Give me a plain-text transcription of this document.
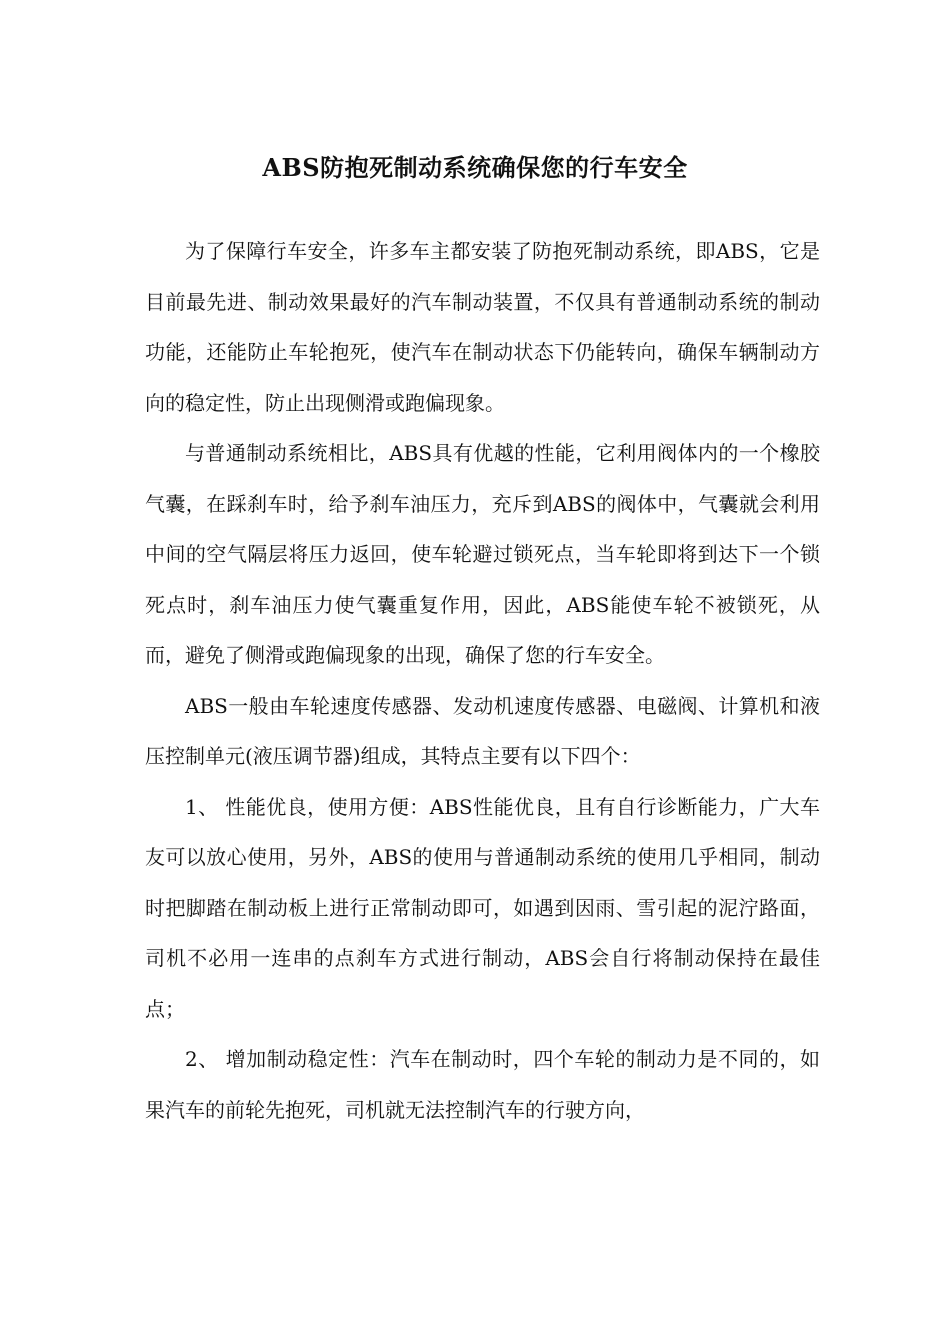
ABS防抱死制动系统确保您的行车安全

为了保障行车安全，许多车主都安装了防抱死制动系统，即ABS，它是目前最先进、制动效果最好的汽车制动装置，不仅具有普通制动系统的制动功能，还能防止车轮抱死，使汽车在制动状态下仍能转向，确保车辆制动方向的稳定性，防止出现侧滑或跑偏现象。

与普通制动系统相比，ABS具有优越的性能，它利用阀体内的一个橡胶气囊，在踩刹车时，给予刹车油压力，充斥到ABS的阀体中，气囊就会利用中间的空气隔层将压力返回，使车轮避过锁死点，当车轮即将到达下一个锁死点时，刹车油压力使气囊重复作用，因此，ABS能使车轮不被锁死，从而，避免了侧滑或跑偏现象的出现，确保了您的行车安全。

ABS一般由车轮速度传感器、发动机速度传感器、电磁阀、计算机和液压控制单元(液压调节器)组成，其特点主要有以下四个：

1、 性能优良，使用方便：ABS性能优良，且有自行诊断能力，广大车友可以放心使用，另外，ABS的使用与普通制动系统的使用几乎相同，制动时把脚踏在制动板上进行正常制动即可，如遇到因雨、雪引起的泥泞路面，司机不必用一连串的点刹车方式进行制动，ABS会自行将制动保持在最佳点；

2、 增加制动稳定性：汽车在制动时，四个车轮的制动力是不同的，如果汽车的前轮先抱死，司机就无法控制汽车的行驶方向，
